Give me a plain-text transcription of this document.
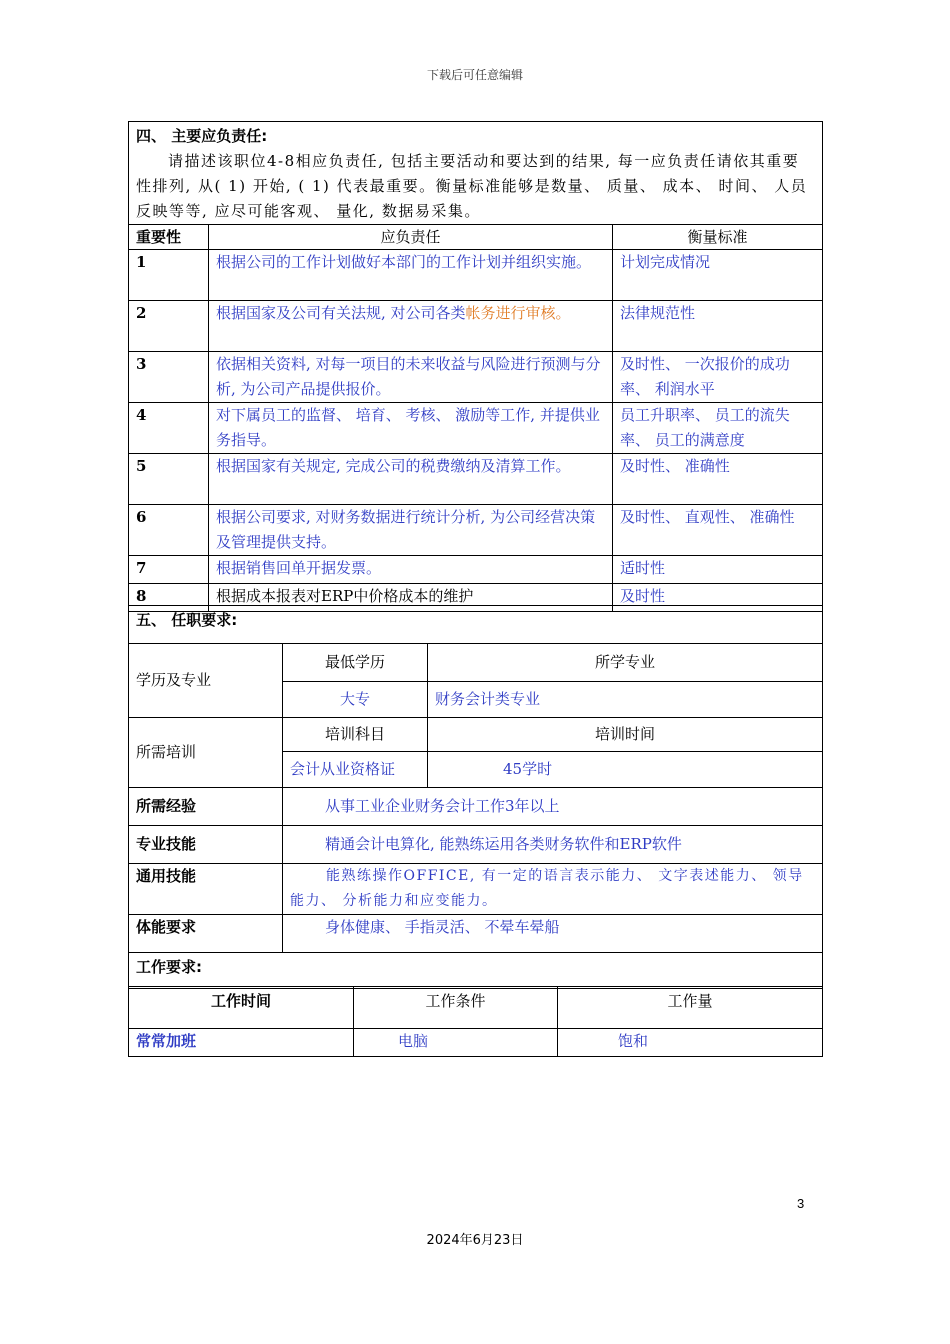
下载后可任意编辑
四、 主要应负责任:
请描述该职位4-8相应负责任, 包括主要活动和要达到的结果, 每一应负责任请依其重要性排列, 从( 1) 开始, ( 1) 代表最重要。衡量标准能够是数量、 质量、 成本、 时间、 人员反映等等, 应尽可能客观、 量化, 数据易采集。		

重要性	应负责任	衡量标准
1	根据公司的工作计划做好本部门的工作计划并组织实施。	计划完成情况
2	根据国家及公司有关法规, 对公司各类帐务进行审核。	法律规范性
3	依据相关资料, 对每一项目的未来收益与风险进行预测与分析, 为公司产品提供报价。	及时性、 一次报价的成功率、 利润水平
4	对下属员工的监督、 培育、 考核、 激励等工作, 并提供业务指导。	员工升职率、 员工的流失率、 员工的满意度
5	根据国家有关规定, 完成公司的税费缴纳及清算工作。	及时性、 准确性
6	根据公司要求, 对财务数据进行统计分析, 为公司经营决策及管理提供支持。	及时性、 直观性、 准确性
7	根据销售回单开据发票。	适时性
8	根据成本报表对ERP中价格成本的维护	及时性
五、 任职要求:		
学历及专业	最低学历	所学专业
	大专	财务会计类专业
所需培训	培训科目	培训时间
	会计从业资格证	45学时
所需经验	从事工业企业财务会计工作3年以上	
专业技能	精通会计电算化, 能熟练运用各类财务软件和ERP软件	
通用技能	能熟练操作OFFICE, 有一定的语言表示能力、 文字表述能力、 领导能力、 分析能力和应变能力。	
体能要求	身体健康、 手指灵活、 不晕车晕船	
工作要求:		
工作时间	工作条件	工作量
常常加班	电脑	饱和
3
2024年6月23日
